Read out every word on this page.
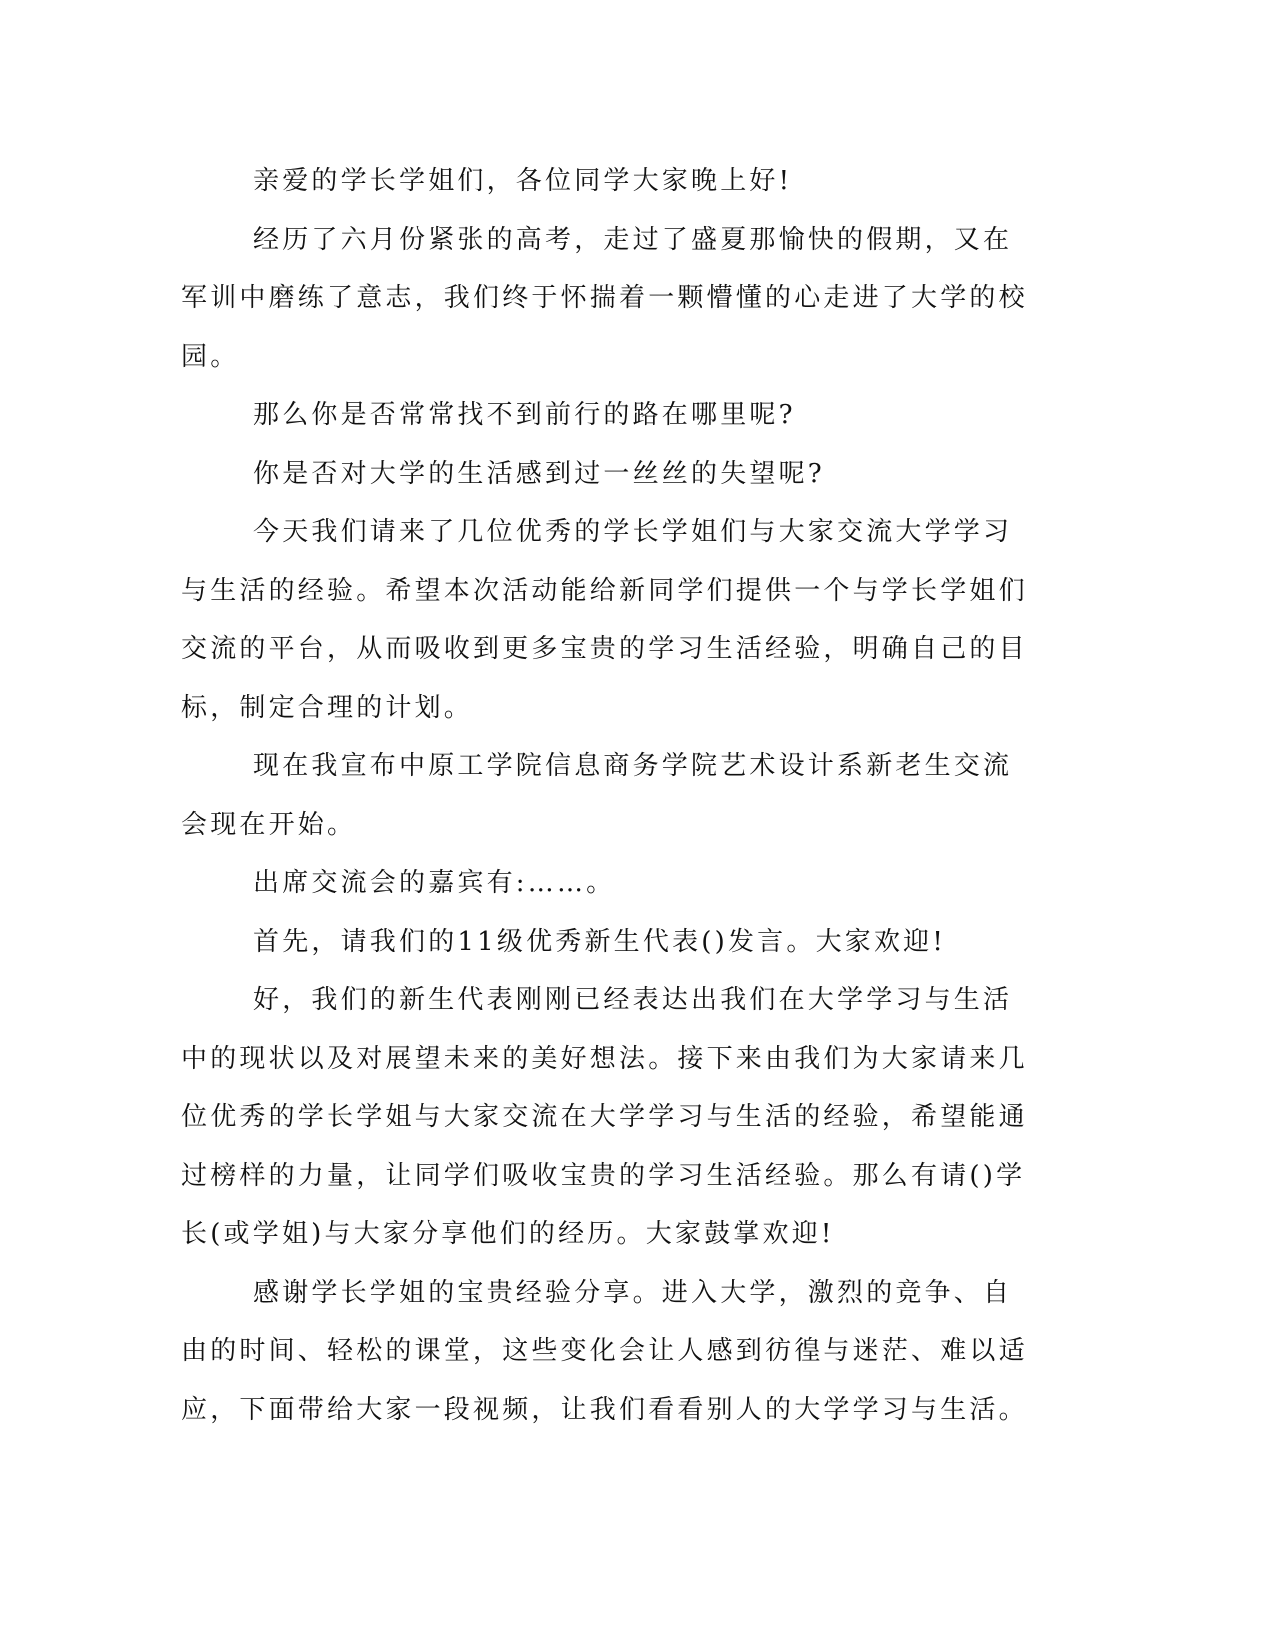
亲爱的学长学姐们，各位同学大家晚上好!

经历了六月份紧张的高考，走过了盛夏那愉快的假期，又在军训中磨练了意志，我们终于怀揣着一颗懵懂的心走进了大学的校园。

那么你是否常常找不到前行的路在哪里呢?

你是否对大学的生活感到过一丝丝的失望呢?

今天我们请来了几位优秀的学长学姐们与大家交流大学学习与生活的经验。希望本次活动能给新同学们提供一个与学长学姐们交流的平台，从而吸收到更多宝贵的学习生活经验，明确自己的目标，制定合理的计划。

现在我宣布中原工学院信息商务学院艺术设计系新老生交流会现在开始。

出席交流会的嘉宾有:……。

首先，请我们的11级优秀新生代表()发言。大家欢迎!

好，我们的新生代表刚刚已经表达出我们在大学学习与生活中的现状以及对展望未来的美好想法。接下来由我们为大家请来几位优秀的学长学姐与大家交流在大学学习与生活的经验，希望能通过榜样的力量，让同学们吸收宝贵的学习生活经验。那么有请()学长(或学姐)与大家分享他们的经历。大家鼓掌欢迎!

感谢学长学姐的宝贵经验分享。进入大学，激烈的竞争、自由的时间、轻松的课堂，这些变化会让人感到彷徨与迷茫、难以适应，下面带给大家一段视频，让我们看看别人的大学学习与生活。
